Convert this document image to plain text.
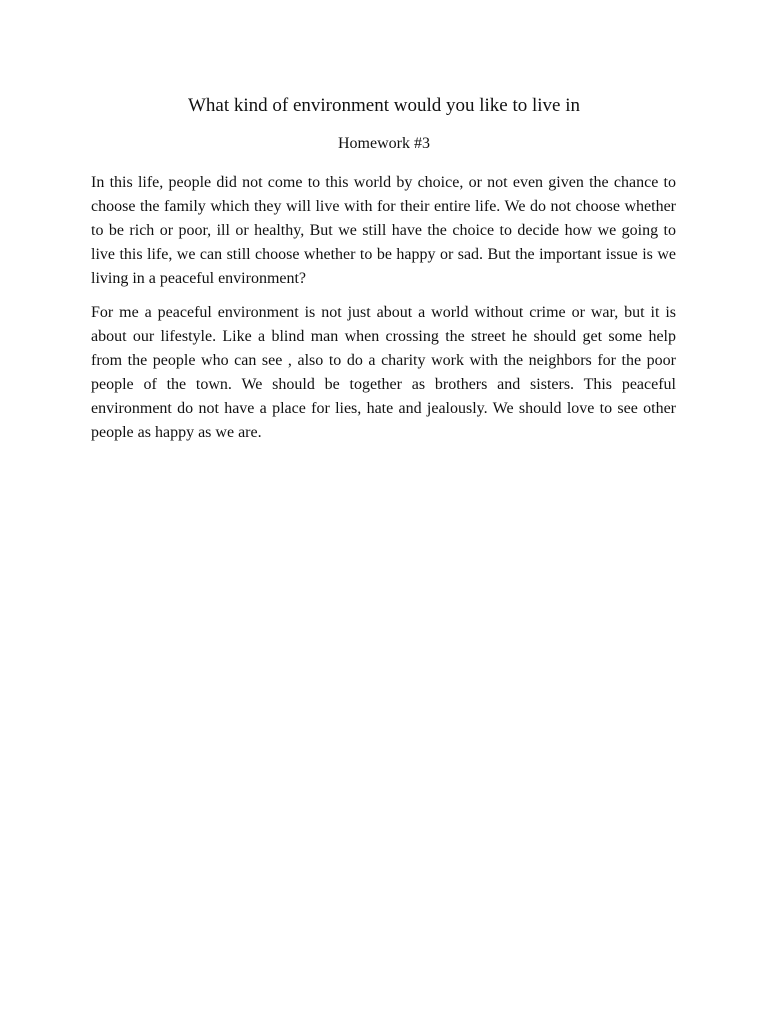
What kind of environment would you like to live in
Homework #3

In this life, people did not come to this world by choice, or not even given the chance to choose the family which they will live with for their entire life. We do not choose whether to be rich or poor, ill or healthy, But we still have the choice to decide how we going to live this life, we can still choose whether to be happy or sad. But the important issue is we living in a peaceful environment?

For me a peaceful environment is not just about a world without crime or war, but it is about our lifestyle. Like a blind man when crossing the street he should get some help from the people who can see , also to do a charity work with the neighbors for the poor people of the town. We should be together as brothers and sisters. This peaceful environment do not have a place for lies, hate and jealously. We should love to see other people as happy as we are.
